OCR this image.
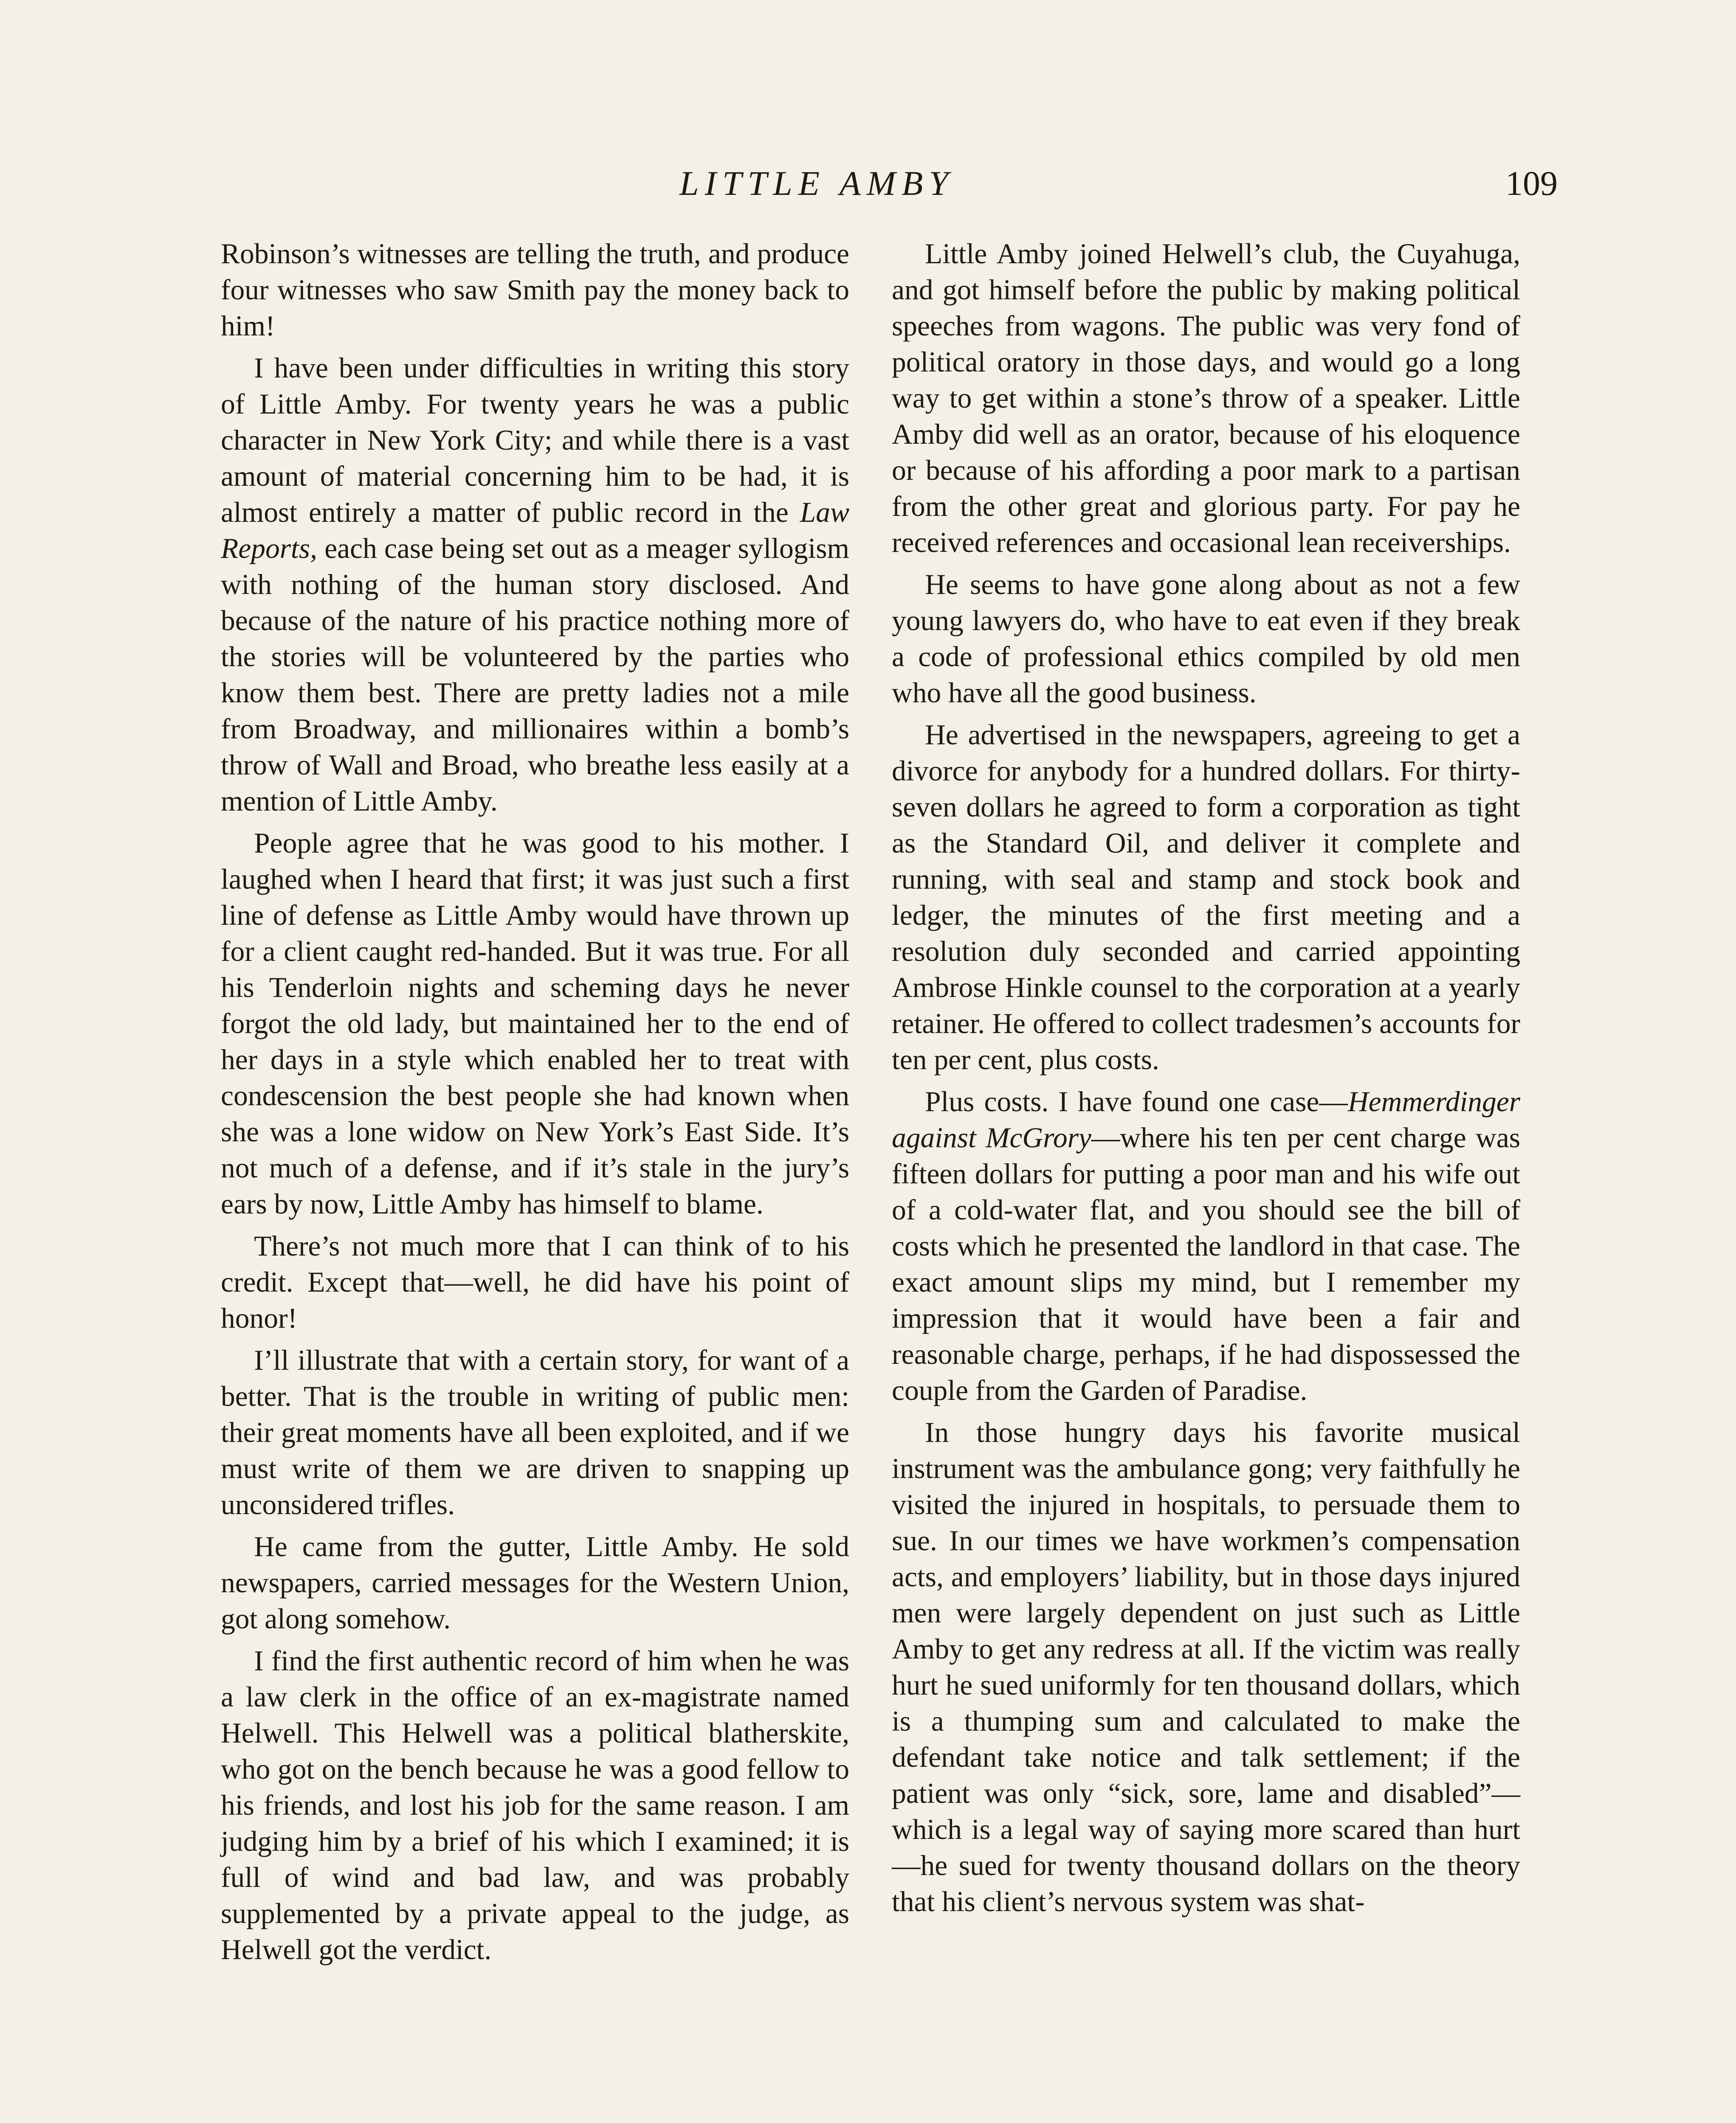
LITTLE AMBY	109

Robinson’s witnesses are telling the truth, and produce four witnesses who saw Smith pay the money back to him!

I have been under difficulties in writing this story of Little Amby. For twenty years he was a public character in New York City; and while there is a vast amount of material concerning him to be had, it is almost entirely a matter of public record in the Law Reports, each case being set out as a meager syllogism with nothing of the human story disclosed. And because of the nature of his practice nothing more of the stories will be volunteered by the parties who know them best. There are pretty ladies not a mile from Broadway, and millionaires within a bomb’s throw of Wall and Broad, who breathe less easily at a mention of Little Amby.

People agree that he was good to his mother. I laughed when I heard that first; it was just such a first line of defense as Little Amby would have thrown up for a client caught red-handed. But it was true. For all his Tenderloin nights and scheming days he never forgot the old lady, but maintained her to the end of her days in a style which enabled her to treat with condescension the best people she had known when she was a lone widow on New York’s East Side. It’s not much of a defense, and if it’s stale in the jury’s ears by now, Little Amby has himself to blame.

There’s not much more that I can think of to his credit. Except that—well, he did have his point of honor!

I’ll illustrate that with a certain story, for want of a better. That is the trouble in writing of public men: their great moments have all been exploited, and if we must write of them we are driven to snapping up unconsidered trifles.

He came from the gutter, Little Amby. He sold newspapers, carried messages for the Western Union, got along somehow.

I find the first authentic record of him when he was a law clerk in the office of an ex-magistrate named Helwell. This Helwell was a political blatherskite, who got on the bench because he was a good fellow to his friends, and lost his job for the same reason. I am judging him by a brief of his which I examined; it is full of wind and bad law, and was probably supplemented by a private appeal to the judge, as Helwell got the verdict.

Little Amby joined Helwell’s club, the Cuyahuga, and got himself before the public by making political speeches from wagons. The public was very fond of political oratory in those days, and would go a long way to get within a stone’s throw of a speaker. Little Amby did well as an orator, because of his eloquence or because of his affording a poor mark to a partisan from the other great and glorious party. For pay he received references and occasional lean receiverships.

He seems to have gone along about as not a few young lawyers do, who have to eat even if they break a code of professional ethics compiled by old men who have all the good business.

He advertised in the newspapers, agreeing to get a divorce for anybody for a hundred dollars. For thirty-seven dollars he agreed to form a corporation as tight as the Standard Oil, and deliver it complete and running, with seal and stamp and stock book and ledger, the minutes of the first meeting and a resolution duly seconded and carried appointing Ambrose Hinkle counsel to the corporation at a yearly retainer. He offered to collect tradesmen’s accounts for ten per cent, plus costs.

Plus costs. I have found one case—Hemmerdinger against McGrory—where his ten per cent charge was fifteen dollars for putting a poor man and his wife out of a cold-water flat, and you should see the bill of costs which he presented the landlord in that case. The exact amount slips my mind, but I remember my impression that it would have been a fair and reasonable charge, perhaps, if he had dispossessed the couple from the Garden of Paradise.

In those hungry days his favorite musical instrument was the ambulance gong; very faithfully he visited the injured in hospitals, to persuade them to sue. In our times we have workmen’s compensation acts, and employers’ liability, but in those days injured men were largely dependent on just such as Little Amby to get any redress at all. If the victim was really hurt he sued uniformly for ten thousand dollars, which is a thumping sum and calculated to make the defendant take notice and talk settlement; if the patient was only “sick, sore, lame and disabled”—which is a legal way of saying more scared than hurt—he sued for twenty thousand dollars on the theory that his client’s nervous system was shat-
